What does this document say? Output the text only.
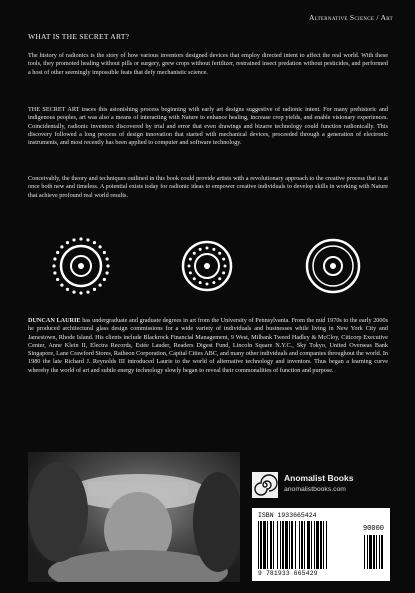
Alternative Science / Art
WHAT IS THE SECRET ART?

The history of radionics is the story of how various inventors designed devices that employ directed intent to affect the real world. With these tools, they promoted healing without pills or surgery, grew crops without fertilizer, restrained insect predation without pesticides, and performed a host of other seemingly impossible feats that defy mechanistic science.

THE SECRET ART traces this astonishing process beginning with early art designs suggestive of radionic intent. For many prehistoric and indigenous peoples, art was also a means of interacting with Nature to enhance healing, increase crop yields, and enable visionary experiences. Coincidentally, radionic inventors discovered by trial and error that even drawings and bizarre technology could function radionically. This discovery followed a long process of design innovation that started with mechanical devices, proceeded through a generation of electronic instruments, and most recently has been applied to computer and software technology.

Conceivably, the theory and techniques outlined in this book could provide artists with a revolutionary approach to the creative process that is at once both new and timeless. A potential exists today for radionic ideas to empower creative individuals to develop skills in working with Nature that achieve profound real world results.

DUNCAN LAURIE has undergraduate and graduate degrees in art from the University of Pennsylvania. From the mid 1970s to the early 2000s he produced architectural glass design commissions for a wide variety of individuals and businesses while living in New York City and Jamestown, Rhode Island. His clients include Blackrock Financial Management, 9 West, Milbank Tweed Hadley & McCloy, Citicorp Executive Center, Anne Klein II, Electra Records, Estée Lauder, Readers Digest Fund, Lincoln Square N.Y.C., Sky Tokyo, United Overseas Bank Singapore, Lane Crawford Stores, Ratheon Corporation, Capital Cities ABC, and many other individuals and companies throughout the world. In 1980 the late Richard J. Reynolds III introduced Laurie to the world of alternative technology and inventors. Thus began a learning curve whereby the world of art and subtle energy technology slowly began to reveal their commonalities of function and purpose.

Anomalist Books
anomalistbooks.com
ISBN 1933665424
90000
9 781933 665429
